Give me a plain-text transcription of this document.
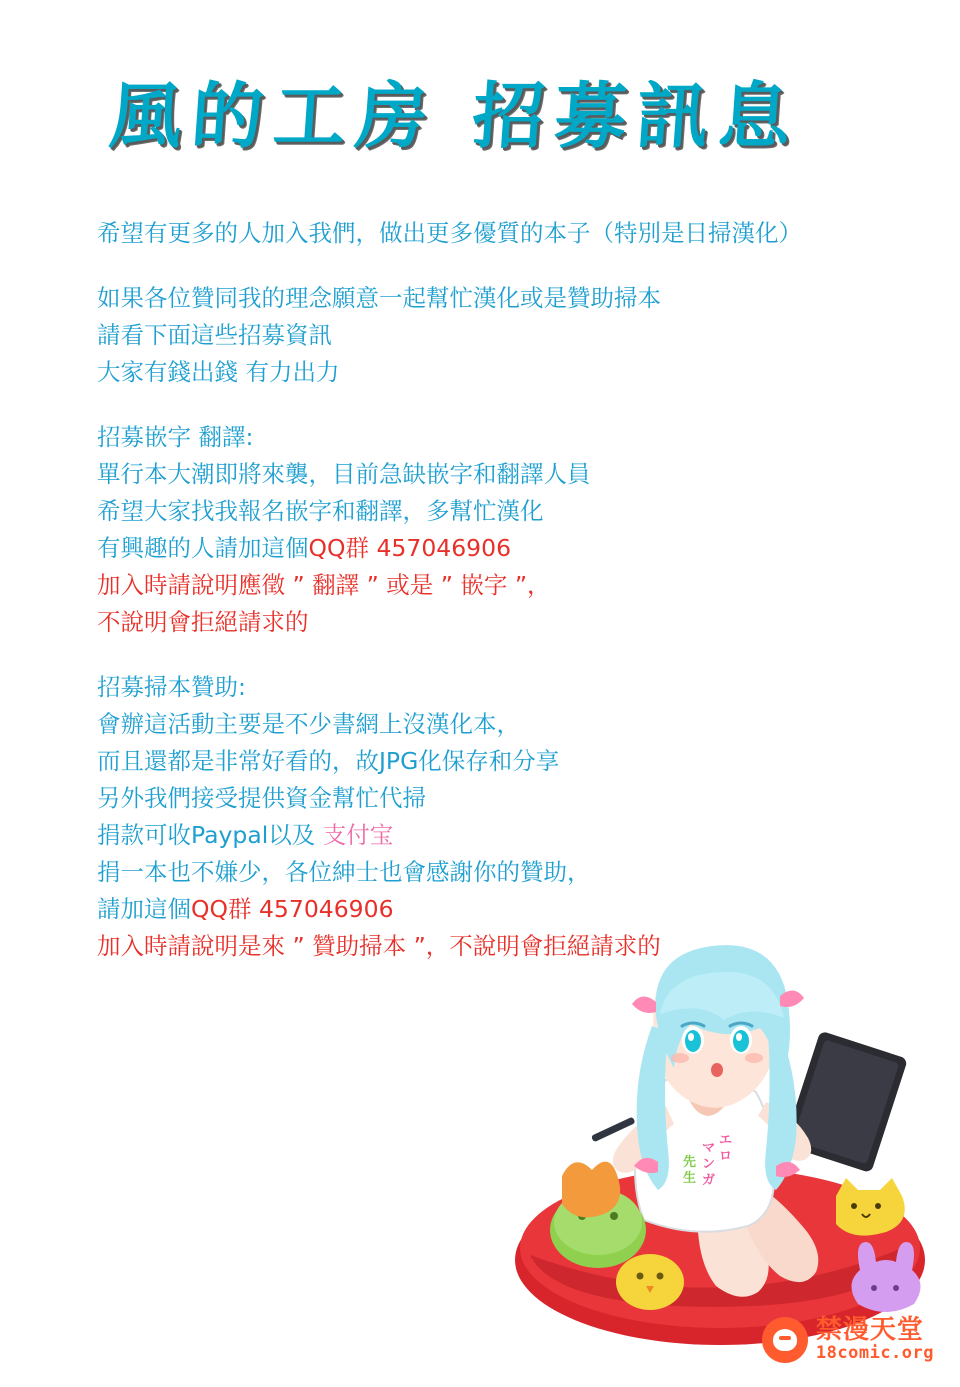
風的工房 招募訊息
希望有更多的人加入我們，做出更多優質的本子（特別是日掃漢化）
如果各位贊同我的理念願意一起幫忙漢化或是贊助掃本
請看下面這些招募資訊
大家有錢出錢 有力出力
招募嵌字 翻譯:
單行本大潮即將來襲，目前急缺嵌字和翻譯人員
希望大家找我報名嵌字和翻譯，多幫忙漢化
有興趣的人請加這個QQ群 457046906
加入時請說明應徵 ” 翻譯 ” 或是 ” 嵌字 ”，
不說明會拒絕請求的
招募掃本贊助:
會辦這活動主要是不少書網上沒漢化本，
而且還都是非常好看的，故JPG化保存和分享
另外我們接受提供資金幫忙代掃
捐款可收Paypal以及 支付宝
捐一本也不嫌少，各位紳士也會感謝你的贊助，
請加這個QQ群 457046906
加入時請說明是來 ” 贊助掃本 ”，不說明會拒絕請求的
エ
ロ
マ
ン
ガ
先
生
禁漫天堂
18comic.org
